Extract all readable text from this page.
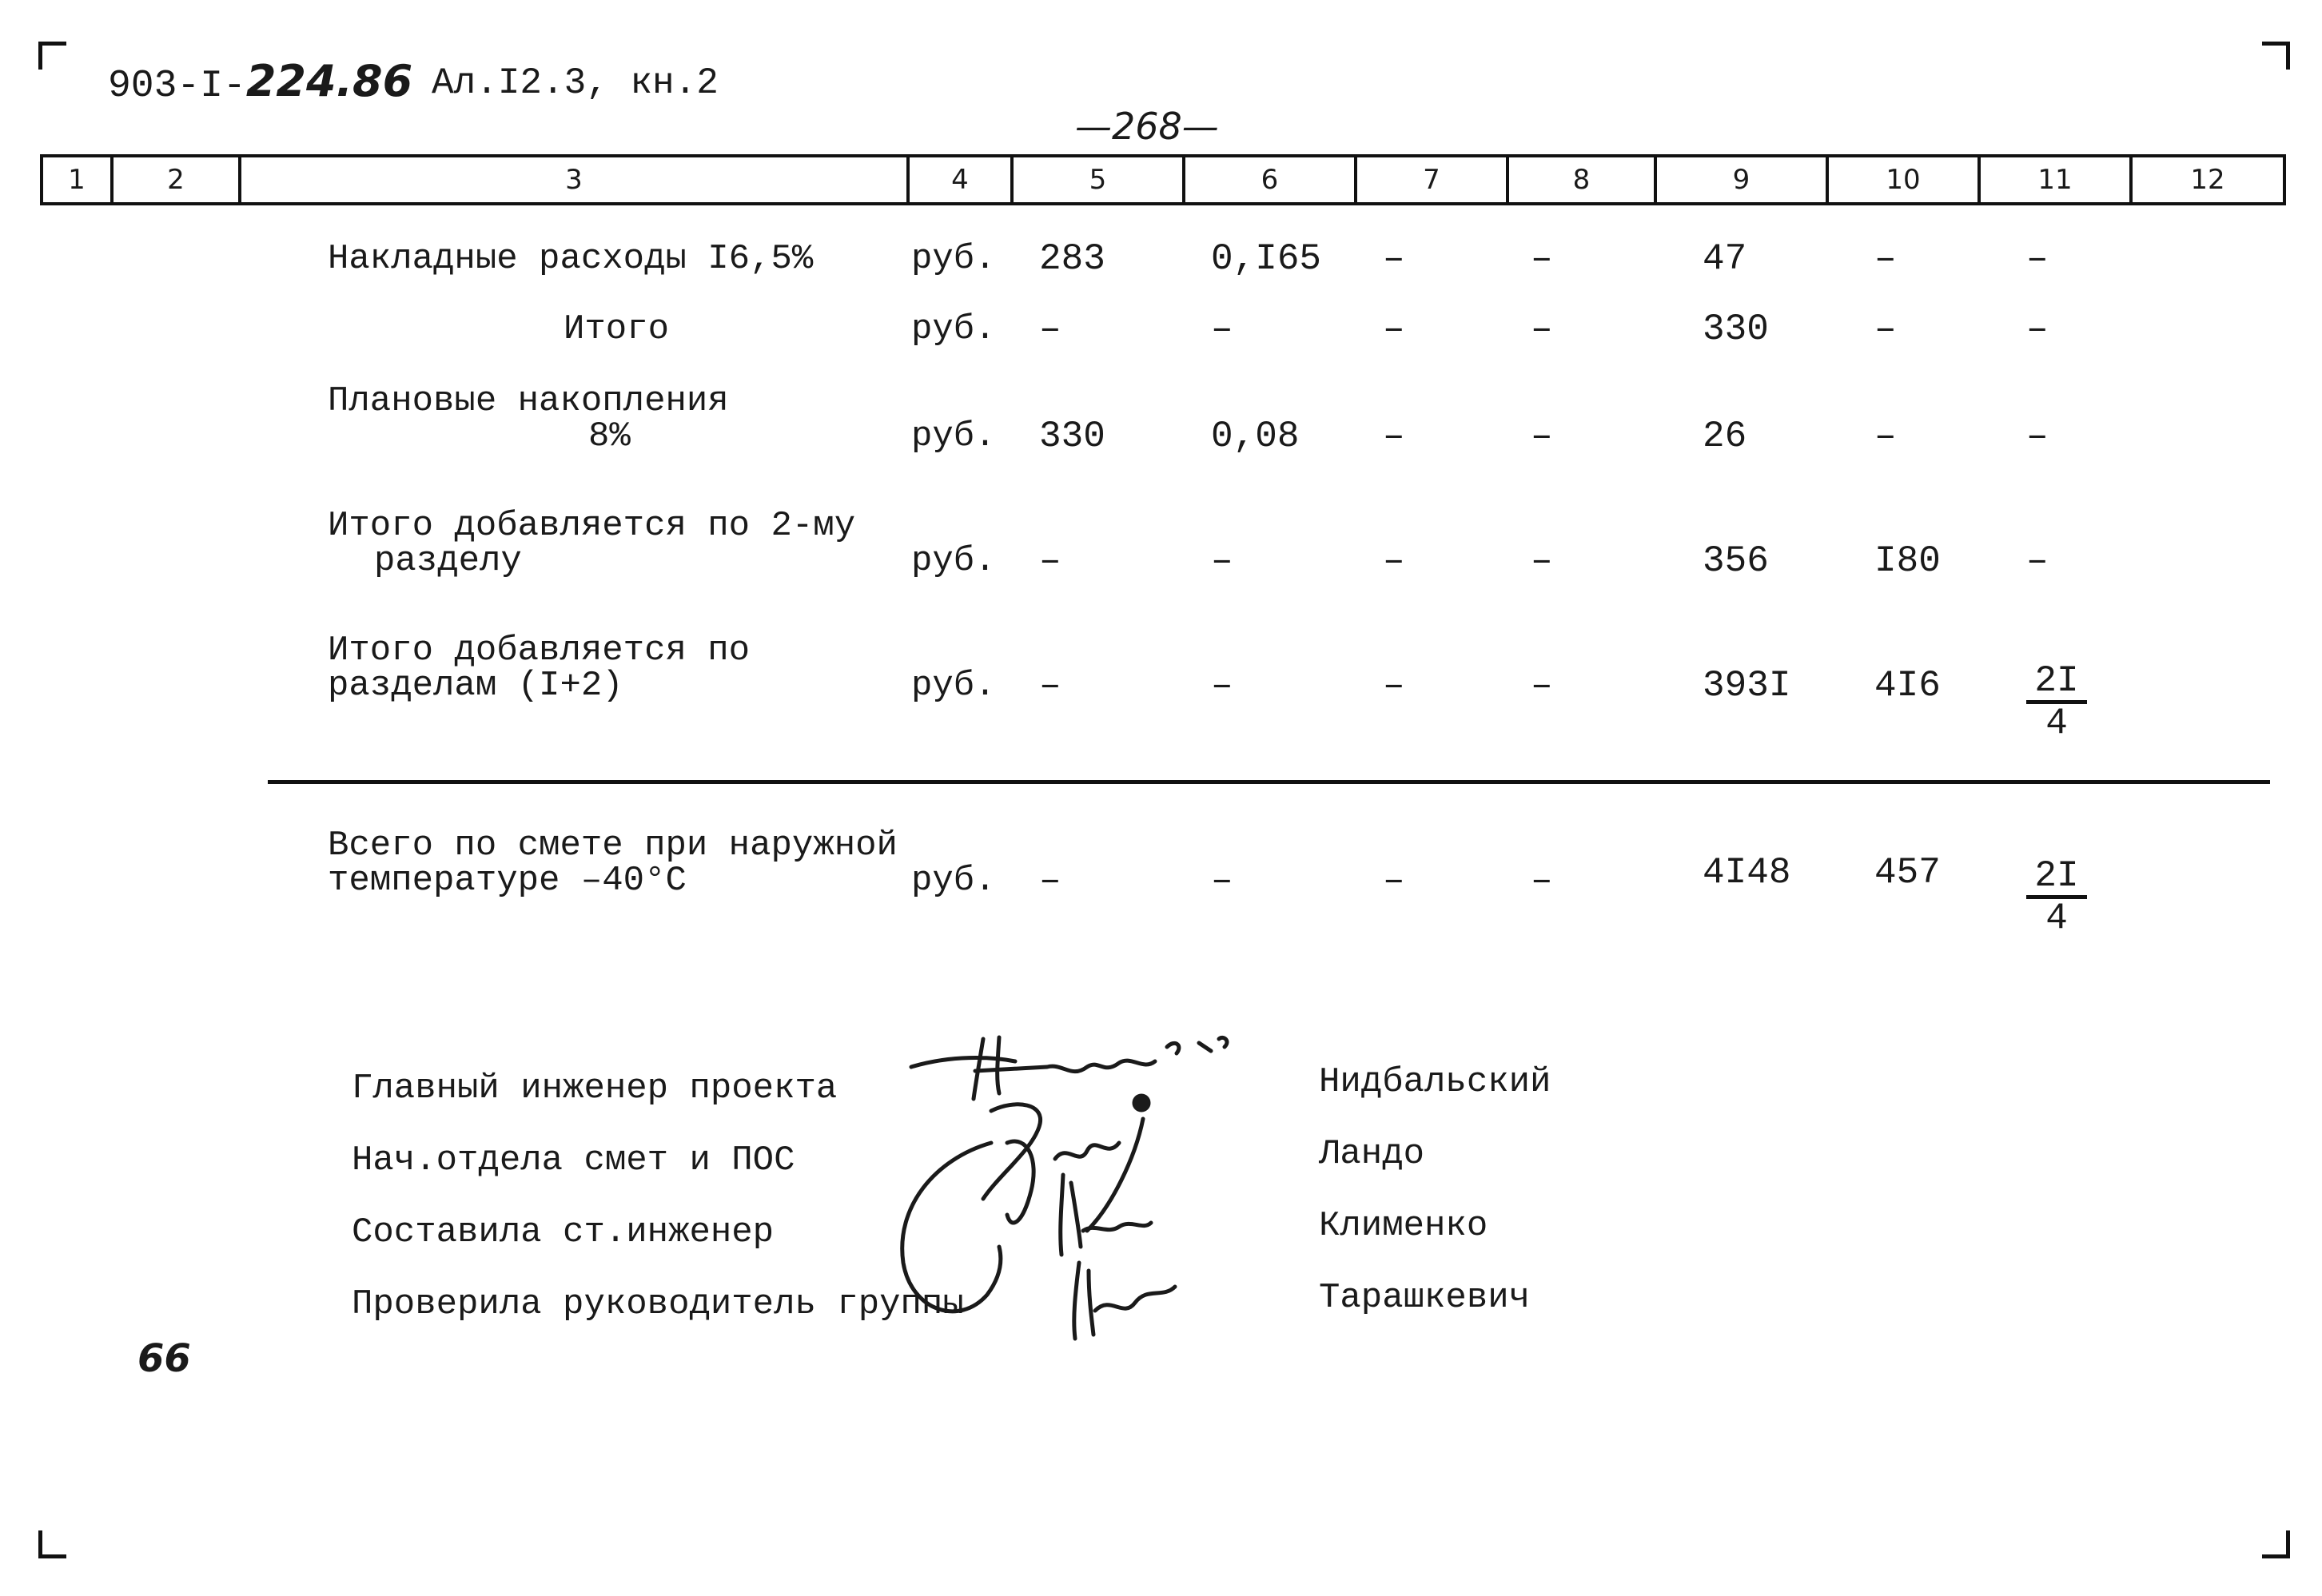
903-I-224.86 Ал.I2.3, кн.2
—268—
1	2	3	4	5	6	7	8	9	10	11	12
Накладные расходы I6,5%	руб. 283	0,I65 –	–	47	–	–
Итого	руб. –	–	–	–	330	–	–
Плановые накопления
8%	руб. 330	0,08 –	–	26	–	–
Итого добавляется по 2-му
разделу	руб. –	–	–	–	356	I80 –
Итого добавляется по
разделам (I+2)	руб. –	–	–	–	393I $4I6 \frac{2I}{4}$
Всего по смете при наружной
температуре –40°С	руб. –	–	–	–	4I48 $457 \frac{2I}{4}$
Главный инженер проекта	Нидбальский
Нач.отдела смет и ПОС	Ландо
Составила ст.инженер	Клименко
Проверила руководитель группы	Тарашкевич
66
